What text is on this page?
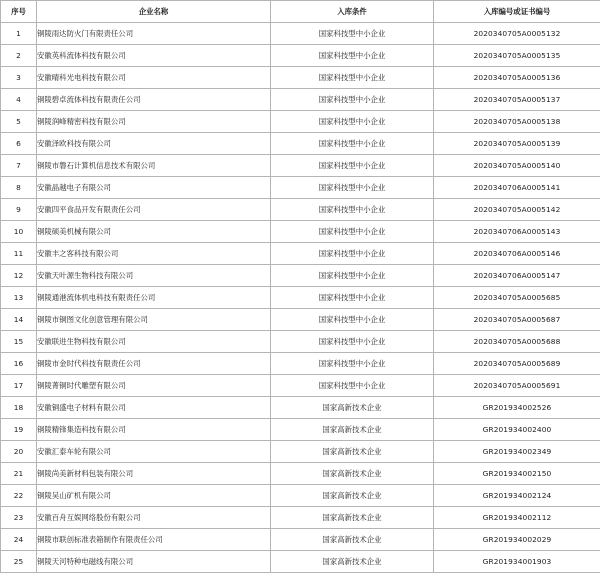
序号	企业名称	入库条件	入库编号或证书编号
1	铜陵雨达防火门有限责任公司	国家科技型中小企业	2020340705A0005132
2	安徽英科流体科技有限公司	国家科技型中小企业	2020340705A0005135
3	安徽晴科光电科技有限公司	国家科技型中小企业	2020340705A0005136
4	铜陵碧卓流体科技有限责任公司	国家科技型中小企业	2020340705A0005137
5	铜陵润峰精密科技有限公司	国家科技型中小企业	2020340705A0005138
6	安徽泽欧科技有限公司	国家科技型中小企业	2020340705A0005139
7	铜陵市磐石计算机信息技术有限公司	国家科技型中小企业	2020340705A0005140
8	安徽晶越电子有限公司	国家科技型中小企业	2020340706A0005141
9	安徽四平食品开发有限责任公司	国家科技型中小企业	2020340705A0005142
10	铜陵硕美机械有限公司	国家科技型中小企业	2020340706A0005143
11	安徽丰之客科技有限公司	国家科技型中小企业	2020340706A0005146
12	安徽天叶源生物科技有限公司	国家科技型中小企业	2020340706A0005147
13	铜陵通港流体机电科技有限责任公司	国家科技型中小企业	2020340705A0005685
14	铜陵市铜图文化创意管理有限公司	国家科技型中小企业	2020340705A0005687
15	安徽联进生物科技有限公司	国家科技型中小企业	2020340705A0005688
16	铜陵市金时代科技有限责任公司	国家科技型中小企业	2020340705A0005689
17	铜陵菁铜时代雕塑有限公司	国家科技型中小企业	2020340705A0005691
18	安徽铜盛电子材料有限公司	国家高新技术企业	GR201934002526
19	铜陵精锋集造科技有限公司	国家高新技术企业	GR201934002400
20	安徽汇泰车轮有限公司	国家高新技术企业	GR201934002349
21	铜陵尚美新材料包装有限公司	国家高新技术企业	GR201934002150
22	铜陵吴山矿机有限公司	国家高新技术企业	GR201934002124
23	安徽百舟互娱网络股份有限公司	国家高新技术企业	GR201934002112
24	铜陵市联创标准表箱制作有限责任公司	国家高新技术企业	GR201934002029
25	铜陵天河特种电磁线有限公司	国家高新技术企业	GR201934001903
